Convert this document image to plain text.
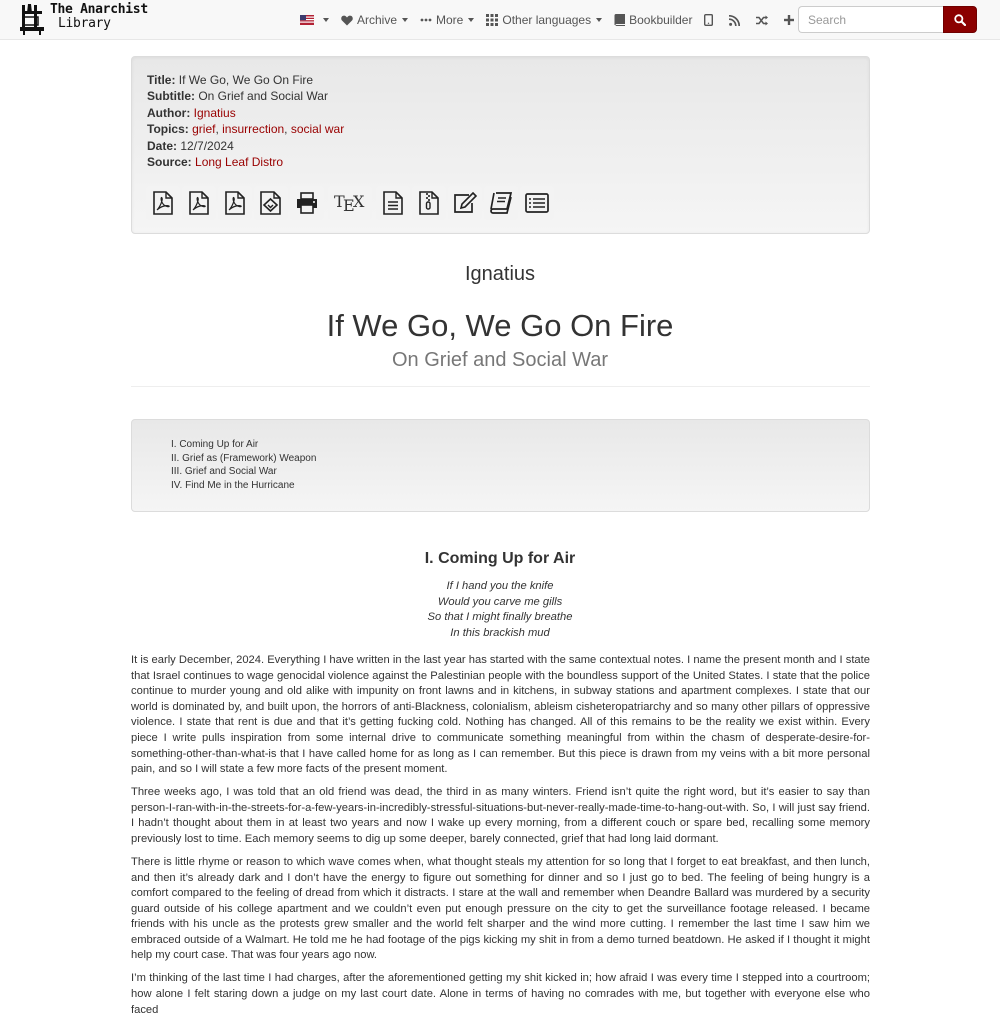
The Anarchist
Library	Archive	More	Other languages	Bookbuilder
Search
Title: If We Go, We Go On Fire
Subtitle: On Grief and Social War
Author: Ignatius
Topics: grief, insurrection, social war
Date: 12/7/2024
Source: Long Leaf Distro
T
E
X
Ignatius
If We Go, We Go On Fire
On Grief and Social War
I. Coming Up for Air
II. Grief as (Framework) Weapon
III. Grief and Social War
IV. Find Me in the Hurricane
I. Coming Up for Air
If I hand you the knife
Would you carve me gills
So that I might finally breathe
In this brackish mud

It is early December, 2024. Everything I have written in the last year has started with the same contextual notes. I name the present month and I state that Israel continues to wage genocidal violence against the Palestinian people with the boundless support of the United States. I state that the police continue to murder young and old alike with impunity on front lawns and in kitchens, in subway stations and apartment complexes. I state that our world is dominated by, and built upon, the horrors of anti-Blackness, colonialism, ableism cisheteropatriarchy and so many other pillars of oppressive violence. I state that rent is due and that it’s getting fucking cold. Nothing has changed. All of this remains to be the reality we exist within. Every piece I write pulls inspiration from some internal drive to communicate something meaningful from within the chasm of desperate-desire-for-something-other-than-what-is that I have called home for as long as I can remember. But this piece is drawn from my veins with a bit more personal pain, and so I will state a few more facts of the present moment.

Three weeks ago, I was told that an old friend was dead, the third in as many winters. Friend isn’t quite the right word, but it’s easier to say than person-I-ran-with-in-the-streets-for-a-few-years-in-incredibly-stressful-situations-but-never-really-made-time-to-hang-out-with. So, I will just say friend. I hadn’t thought about them in at least two years and now I wake up every morning, from a different couch or spare bed, recalling some memory previously lost to time. Each memory seems to dig up some deeper, barely connected, grief that had long laid dormant.

There is little rhyme or reason to which wave comes when, what thought steals my attention for so long that I forget to eat breakfast, and then lunch, and then it’s already dark and I don’t have the energy to figure out something for dinner and so I just go to bed. The feeling of being hungry is a comfort compared to the feeling of dread from which it distracts. I stare at the wall and remember when Deandre Ballard was murdered by a security guard outside of his college apartment and we couldn’t even put enough pressure on the city to get the surveillance footage released. I became friends with his uncle as the protests grew smaller and the world felt sharper and the wind more cutting. I remember the last time I saw him we embraced outside of a Walmart. He told me he had footage of the pigs kicking my shit in from a demo turned beatdown. He asked if I thought it might help my court case. That was four years ago now.

I’m thinking of the last time I had charges, after the aforementioned getting my shit kicked in; how afraid I was every time I stepped into a courtroom; how alone I felt staring down a judge on my last court date. Alone in terms of having no comrades with me, but together with everyone else who faced
